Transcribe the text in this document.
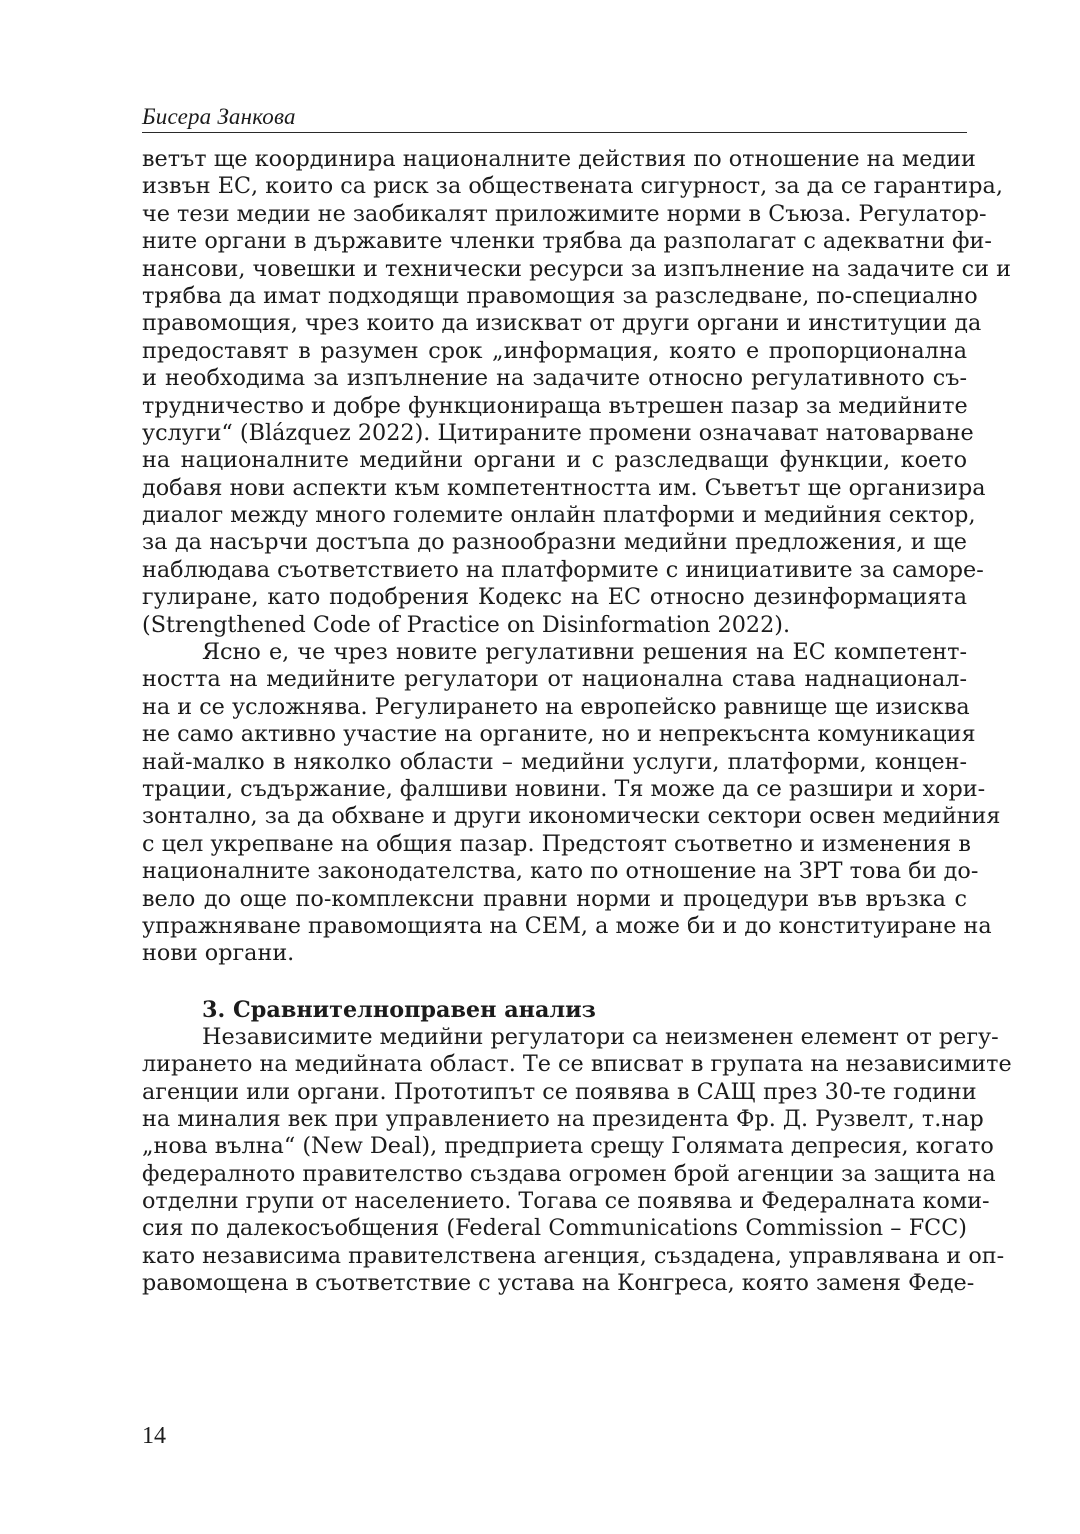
Бисера Занкова
ветът ще координира националните действия по отношение на медии
извън ЕС, които са риск за обществената сигурност, за да се гарантира,
че тези медии не заобикалят приложимите норми в Съюза. Регулатор-
ните органи в държавите членки трябва да разполагат с адекватни фи-
нансови, човешки и технически ресурси за изпълнение на задачите си и
трябва да имат подходящи правомощия за разследване, по-специално
правомощия, чрез които да изискват от други органи и институции да
предоставят в разумен срок „информация, която е пропорционална
и необходима за изпълнение на задачите относно регулативното съ-
трудничество и добре функционираща вътрешен пазар за медийните
услуги“ (Blázquez 2022). Цитираните промени означават натоварване
на националните медийни органи и с разследващи функции, което
добавя нови аспекти към компетентността им. Съветът ще организира
диалог между много големите онлайн платформи и медийния сектор,
за да насърчи достъпа до разнообразни медийни предложения, и ще
наблюдава съответствието на платформите с инициативите за саморе-
гулиране, като подобрения Кодекс на ЕС относно дезинформацията
(Strengthened Code of Practice on Disinformation 2022).
Ясно е, че чрез новите регулативни решения на ЕС компетент-
ността на медийните регулатори от национална става наднационал-
на и се усложнява. Регулирането на европейско равнище ще изисква
не само активно участие на органите, но и непрекъснта комуникация
най-малко в няколко области – медийни услуги, платформи, концен-
трации, съдържание, фалшиви новини. Тя може да се разшири и хори-
зонтално, за да обхване и други икономически сектори освен медийния
с цел укрепване на общия пазар. Предстоят съответно и изменения в
националните законодателства, като по отношение на ЗРТ това би до-
вело до още по-комплексни правни норми и процедури във връзка с
упражняване правомощията на СЕМ, а може би и до конституиране на
нови органи.
3. Сравнителноправен анализ
Независимите медийни регулатори са неизменен елемент от регу-
лирането на медийната област. Те се вписват в групата на независимите
агенции или органи. Прототипът се появява в САЩ през 30-те години
на миналия век при управлението на президента Фр. Д. Рузвелт, т.нар
„нова вълна“ (New Deal), предприета срещу Голямата депресия, когато
федералното правителство създава огромен брой агенции за защита на
отделни групи от населението. Тогава се появява и Федералната коми-
сия по далекосъобщения (Federal Communications Commission – FCC)
като независима правителствена агенция, създадена, управлявана и оп-
равомощена в съответствие с устава на Конгреса, която заменя Феде-
14
